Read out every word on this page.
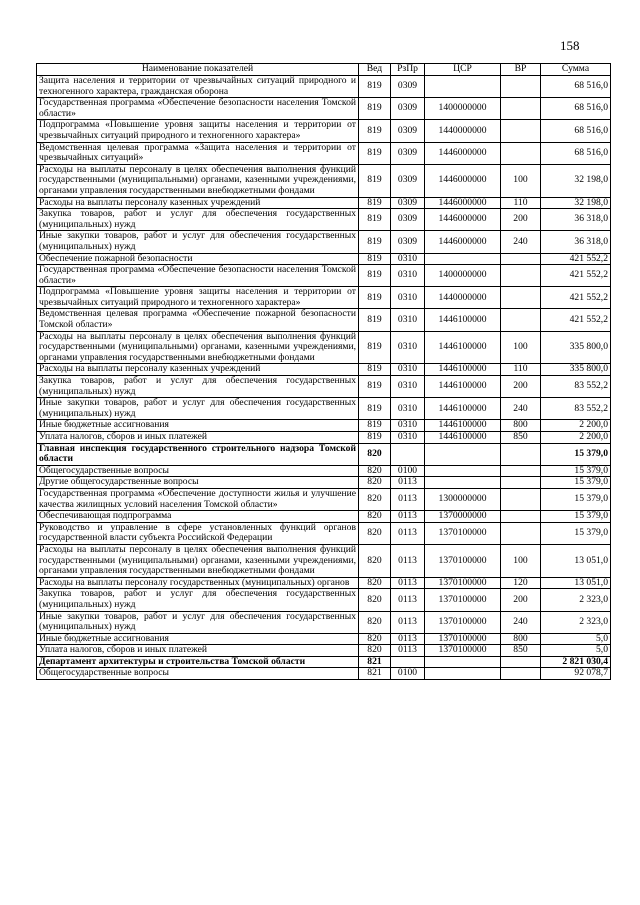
158
Наименование показателей	Вед	РзПр	ЦСР	ВР	Сумма
Защита населения и территории от чрезвычайных ситуаций природного и техногенного характера, гражданская оборона	819	0309			68 516,0
Государственная программа «Обеспечение безопасности населения Томской области»	819	0309	1400000000		68 516,0
Подпрограмма «Повышение уровня защиты населения и территории от чрезвычайных ситуаций природного и техногенного характера»	819	0309	1440000000		68 516,0
Ведомственная целевая программа «Защита населения и территории от чрезвычайных ситуаций»	819	0309	1446000000		68 516,0
Расходы на выплаты персоналу в целях обеспечения выполнения функций государственными (муниципальными) органами, казенными учреждениями, органами управления государственными внебюджетными фондами	819	0309	1446000000	100	32 198,0
Расходы на выплаты персоналу казенных учреждений	819	0309	1446000000	110	32 198,0
Закупка товаров, работ и услуг для обеспечения государственных (муниципальных) нужд	819	0309	1446000000	200	36 318,0
Иные закупки товаров, работ и услуг для обеспечения государственных (муниципальных) нужд	819	0309	1446000000	240	36 318,0
Обеспечение пожарной безопасности	819	0310			421 552,2
Государственная программа «Обеспечение безопасности населения Томской области»	819	0310	1400000000		421 552,2
Подпрограмма «Повышение уровня защиты населения и территории от чрезвычайных ситуаций природного и техногенного характера»	819	0310	1440000000		421 552,2
Ведомственная целевая программа «Обеспечение пожарной безопасности Томской области»	819	0310	1446100000		421 552,2
Расходы на выплаты персоналу в целях обеспечения выполнения функций государственными (муниципальными) органами, казенными учреждениями, органами управления государственными внебюджетными фондами	819	0310	1446100000	100	335 800,0
Расходы на выплаты персоналу казенных учреждений	819	0310	1446100000	110	335 800,0
Закупка товаров, работ и услуг для обеспечения государственных (муниципальных) нужд	819	0310	1446100000	200	83 552,2
Иные закупки товаров, работ и услуг для обеспечения государственных (муниципальных) нужд	819	0310	1446100000	240	83 552,2
Иные бюджетные ассигнования	819	0310	1446100000	800	2 200,0
Уплата налогов, сборов и иных платежей	819	0310	1446100000	850	2 200,0
Главная инспекция государственного строительного надзора Томской области	820				15 379,0
Общегосударственные вопросы	820	0100			15 379,0
Другие общегосударственные вопросы	820	0113			15 379,0
Государственная программа «Обеспечение доступности жилья и улучшение качества жилищных условий населения Томской области»	820	0113	1300000000		15 379,0
Обеспечивающая подпрограмма	820	0113	1370000000		15 379,0
Руководство и управление в сфере установленных функций органов государственной власти субъекта Российской Федерации	820	0113	1370100000		15 379,0
Расходы на выплаты персоналу в целях обеспечения выполнения функций государственными (муниципальными) органами, казенными учреждениями, органами управления государственными внебюджетными фондами	820	0113	1370100000	100	13 051,0
Расходы на выплаты персоналу государственных (муниципальных) органов	820	0113	1370100000	120	13 051,0
Закупка товаров, работ и услуг для обеспечения государственных (муниципальных) нужд	820	0113	1370100000	200	2 323,0
Иные закупки товаров, работ и услуг для обеспечения государственных (муниципальных) нужд	820	0113	1370100000	240	2 323,0
Иные бюджетные ассигнования	820	0113	1370100000	800	5,0
Уплата налогов, сборов и иных платежей	820	0113	1370100000	850	5,0
Департамент архитектуры и строительства Томской области	821				2 821 030,4
Общегосударственные вопросы	821	0100			92 078,7
